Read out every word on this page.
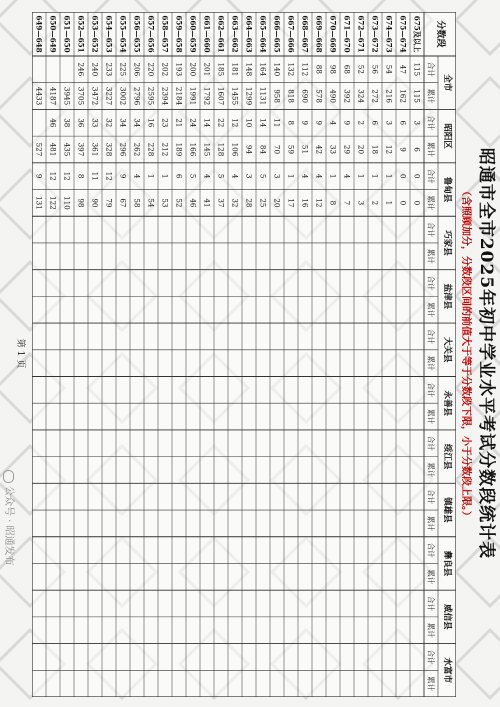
昭通市全市2025年初中学业水平考试分数段统计表
（含照顾加分，分数段区间的前值大于等于分数段下限，小于分数段上限。）
分数段
全市
合计
累计
昭阳区
合计
累计
鲁甸县
合计
累计
巧家县
合计
累计
盐津县
合计
累计
大关县
合计
累计
永善县
合计
累计
绥江县
合计
累计
镇雄县
合计
累计
彝良县
合计
累计
威信县
合计
累计
水富市
合计
累计
675及以上
115
115
3
6
0
0
675—674
47
162
6
9
0
0
674—673
54
216
3
12
1
1
673—672
56
272
6
18
1
2
672—671
52
324
2
20
1
3
671—670
68
392
9
29
4
7
670—669
98
490
4
33
1
8
669—668
88
578
9
42
4
12
668—667
112
690
9
51
4
16
667—666
132
818
8
59
1
17
666—665
140
958
11
70
3
20
665—664
164
1131
14
84
5
25
664—663
148
1299
10
94
3
28
663—662
181
1455
12
106
4
32
662—661
185
1607
22
128
5
37
661—660
201
1792
14
145
4
41
660—659
200
1991
24
166
5
46
659—658
193
2184
21
189
6
52
658—657
202
2394
23
212
1
53
657—656
220
2595
16
228
1
54
656—655
206
2796
34
262
4
58
655—654
225
3002
34
296
9
67
654—653
233
3227
32
328
12
79
653—652
240
3472
33
361
11
90
652—651
246
3705
36
397
8
98
651—650
3945
38
435
12
110
650—649
4187
46
481
12
122
649—648
4433
527
9
131
第 1 页
公众号 · 昭通发布
